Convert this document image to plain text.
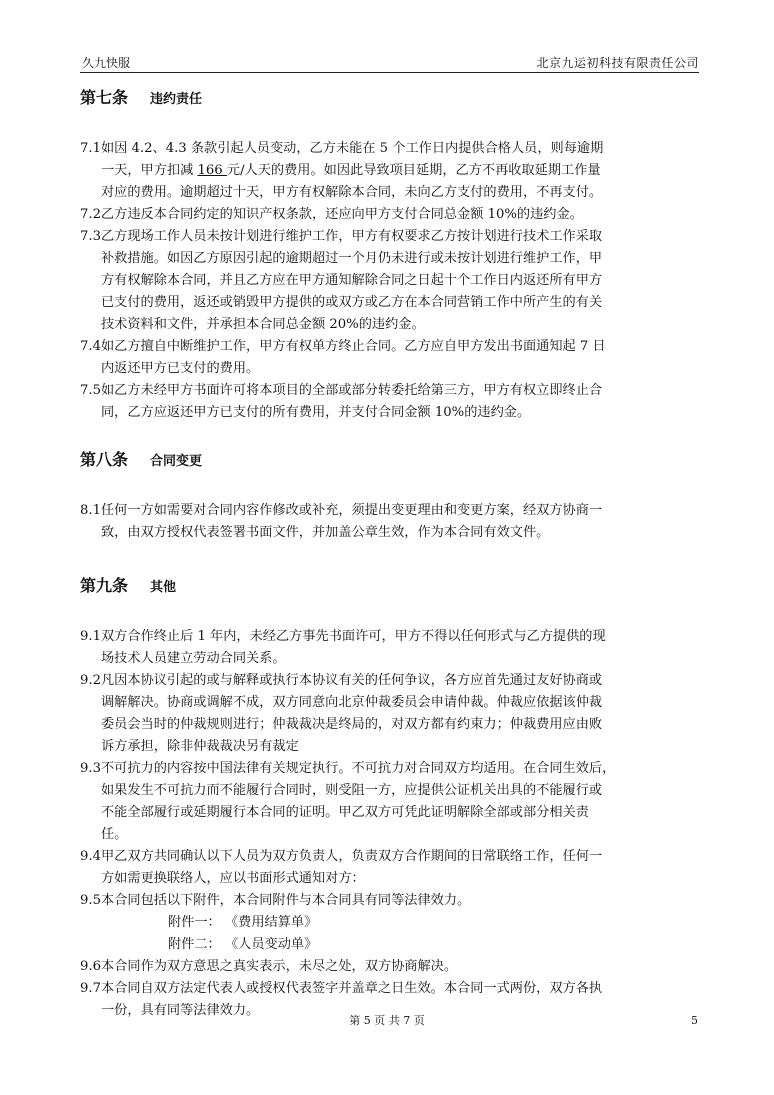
久九快服	北京九运初科技有限责任公司
第七条 违约责任
7.1如因 4.2、4.3 条款引起人员变动，乙方未能在 5 个工作日内提供合格人员，则每逾期
一天，甲方扣减 166 元/人天的费用。如因此导致项目延期，乙方不再收取延期工作量
对应的费用。逾期超过十天，甲方有权解除本合同，未向乙方支付的费用，不再支付。
7.2乙方违反本合同约定的知识产权条款，还应向甲方支付合同总金额 10%的违约金。
7.3乙方现场工作人员未按计划进行维护工作，甲方有权要求乙方按计划进行技术工作采取
补救措施。如因乙方原因引起的逾期超过一个月仍未进行或未按计划进行维护工作，甲
方有权解除本合同，并且乙方应在甲方通知解除合同之日起十个工作日内返还所有甲方
已支付的费用，返还或销毁甲方提供的或双方或乙方在本合同营销工作中所产生的有关
技术资料和文件，并承担本合同总金额 20%的违约金。
7.4如乙方擅自中断维护工作，甲方有权单方终止合同。乙方应自甲方发出书面通知起 7 日
内返还甲方已支付的费用。
7.5如乙方未经甲方书面许可将本项目的全部或部分转委托给第三方，甲方有权立即终止合
同，乙方应返还甲方已支付的所有费用，并支付合同金额 10%的违约金。
第八条 合同变更
8.1任何一方如需要对合同内容作修改或补充，须提出变更理由和变更方案，经双方协商一
致，由双方授权代表签署书面文件，并加盖公章生效，作为本合同有效文件。
第九条 其他
9.1双方合作终止后 1 年内，未经乙方事先书面许可，甲方不得以任何形式与乙方提供的现
场技术人员建立劳动合同关系。
9.2凡因本协议引起的或与解释或执行本协议有关的任何争议，各方应首先通过友好协商或
调解解决。协商或调解不成，双方同意向北京仲裁委员会申请仲裁。仲裁应依据该仲裁
委员会当时的仲裁规则进行；仲裁裁决是终局的，对双方都有约束力；仲裁费用应由败
诉方承担，除非仲裁裁决另有裁定
9.3不可抗力的内容按中国法律有关规定执行。不可抗力对合同双方均适用。在合同生效后，
如果发生不可抗力而不能履行合同时，则受阻一方，应提供公证机关出具的不能履行或
不能全部履行或延期履行本合同的证明。甲乙双方可凭此证明解除全部或部分相关责
任。
9.4甲乙双方共同确认以下人员为双方负责人，负责双方合作期间的日常联络工作，任何一
方如需更换联络人，应以书面形式通知对方：
9.5本合同包括以下附件，本合同附件与本合同具有同等法律效力。
附件一： 《费用结算单》
附件二： 《人员变动单》
9.6本合同作为双方意思之真实表示，未尽之处，双方协商解决。
9.7本合同自双方法定代表人或授权代表签字并盖章之日生效。本合同一式两份，双方各执
一份，具有同等法律效力。
第 5 页 共 7 页	5
